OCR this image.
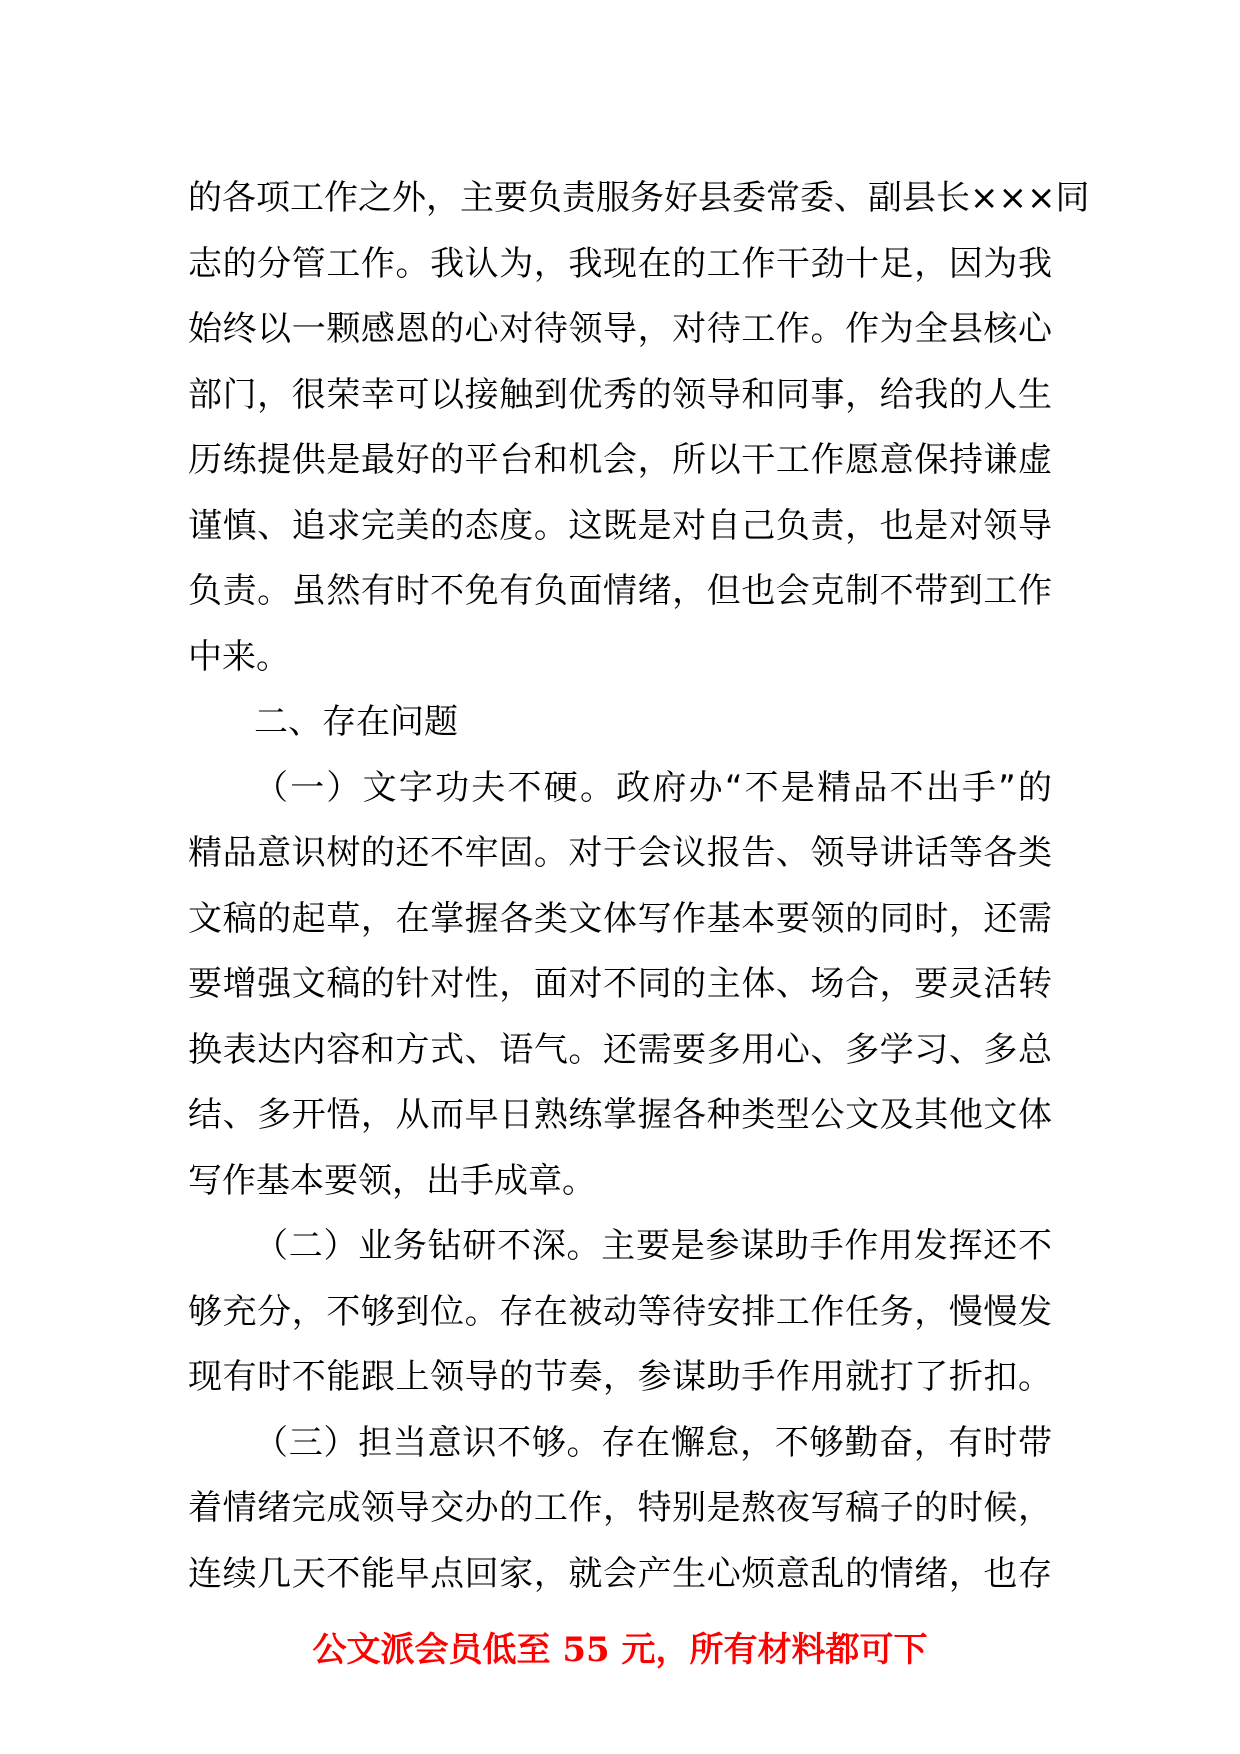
的各项工作之外，主要负责服务好县委常委、副县长×××同
志的分管工作。我认为，我现在的工作干劲十足，因为我
始终以一颗感恩的心对待领导，对待工作。作为全县核心
部门，很荣幸可以接触到优秀的领导和同事，给我的人生
历练提供是最好的平台和机会，所以干工作愿意保持谦虚
谨慎、追求完美的态度。这既是对自己负责，也是对领导
负责。虽然有时不免有负面情绪，但也会克制不带到工作
中来。
二、存在问题
（一）文字功夫不硬。政府办“不是精品不出手”的
精品意识树的还不牢固。对于会议报告、领导讲话等各类
文稿的起草，在掌握各类文体写作基本要领的同时，还需
要增强文稿的针对性，面对不同的主体、场合，要灵活转
换表达内容和方式、语气。还需要多用心、多学习、多总
结、多开悟，从而早日熟练掌握各种类型公文及其他文体
写作基本要领，出手成章。
（二）业务钻研不深。主要是参谋助手作用发挥还不
够充分，不够到位。存在被动等待安排工作任务，慢慢发
现有时不能跟上领导的节奏，参谋助手作用就打了折扣。
（三）担当意识不够。存在懈怠，不够勤奋，有时带
着情绪完成领导交办的工作，特别是熬夜写稿子的时候，
连续几天不能早点回家，就会产生心烦意乱的情绪，也存
公文派会员低至 55 元，所有材料都可下
